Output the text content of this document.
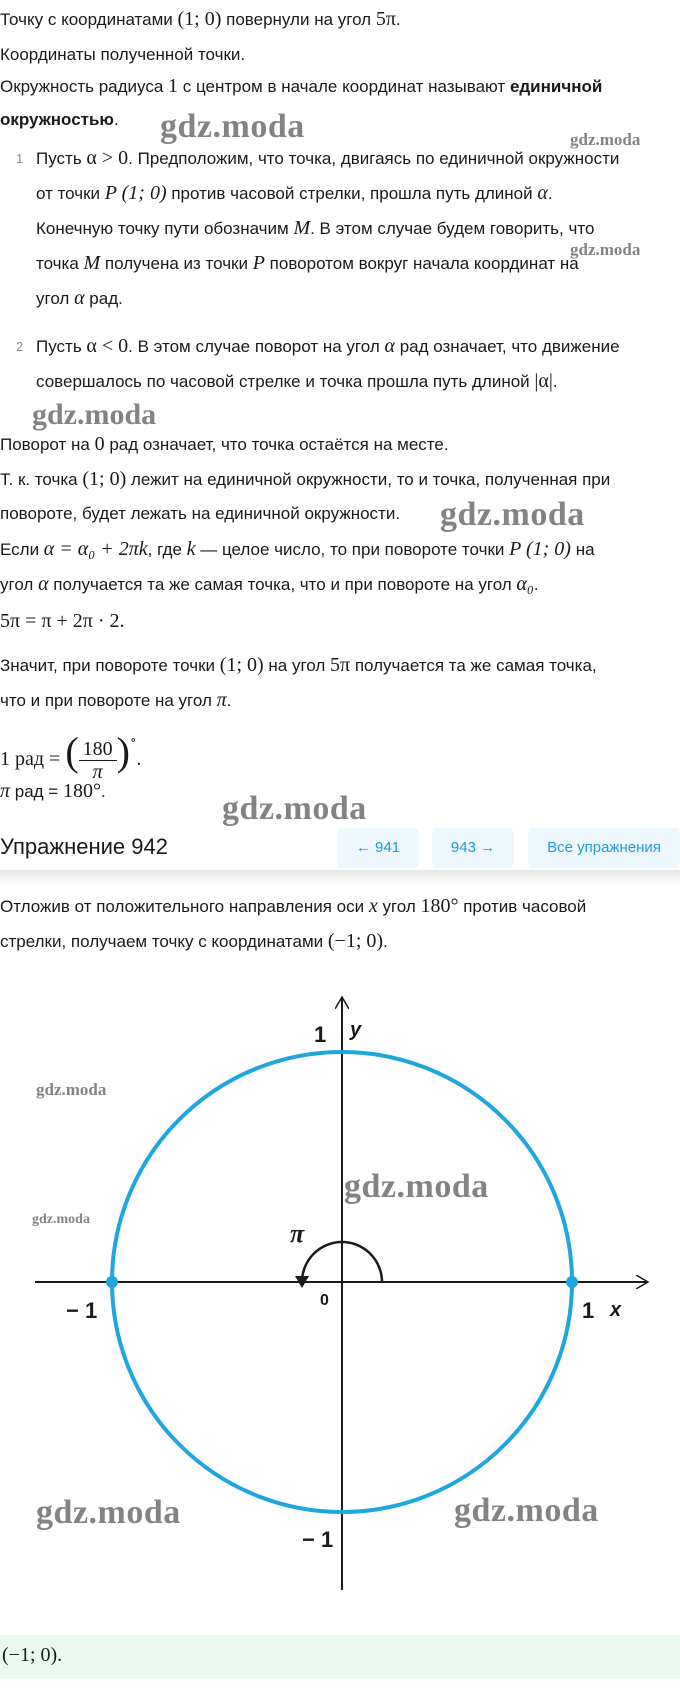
Точку с координатами (1; 0) повернули на угол 5π.
Координаты полученной точки.
Окружность радиуса 1 с центром в начале координат называют единичной
окружностью.
1 Пусть α > 0. Предположим, что точка, двигаясь по единичной окружности
от точки P (1; 0) против часовой стрелки, прошла путь длиной α.
Конечную точку пути обозначим M. В этом случае будем говорить, что
точка M получена из точки P поворотом вокруг начала координат на
угол α рад.
2 Пусть α < 0. В этом случае поворот на угол α рад означает, что движение
совершалось по часовой стрелке и точка прошла путь длиной |α|.
Поворот на 0 рад означает, что точка остаётся на месте.
Т. к. точка (1; 0) лежит на единичной окружности, то и точка, полученная при
повороте, будет лежать на единичной окружности.
Если α = α₀ + 2πk, где k — целое число, то при повороте точки P (1; 0) на
угол α получается та же самая точка, что и при повороте на угол α₀.
5π = π + 2π · 2.
Значит, при повороте точки (1; 0) на угол 5π получается та же самая точка,
что и при повороте на угол π.
1 рад = ( $\frac{180}{\pi} )^\circ$.
π рад = 180°.
Упражнение 942	← 941	943 →	Все упражнения
Отложив от положительного направления оси x угол 180° против часовой
стрелки, получаем точку с координатами (−1; 0).
π
0	1
− 1	x
1 y
− 1
(−1; 0).
gdz.moda	gdz.moda
gdz.moda
gdz.moda
gdz.moda
gdz.moda
gdz.moda
gdz.moda
gdz.moda
gdz.moda	gdz.moda
